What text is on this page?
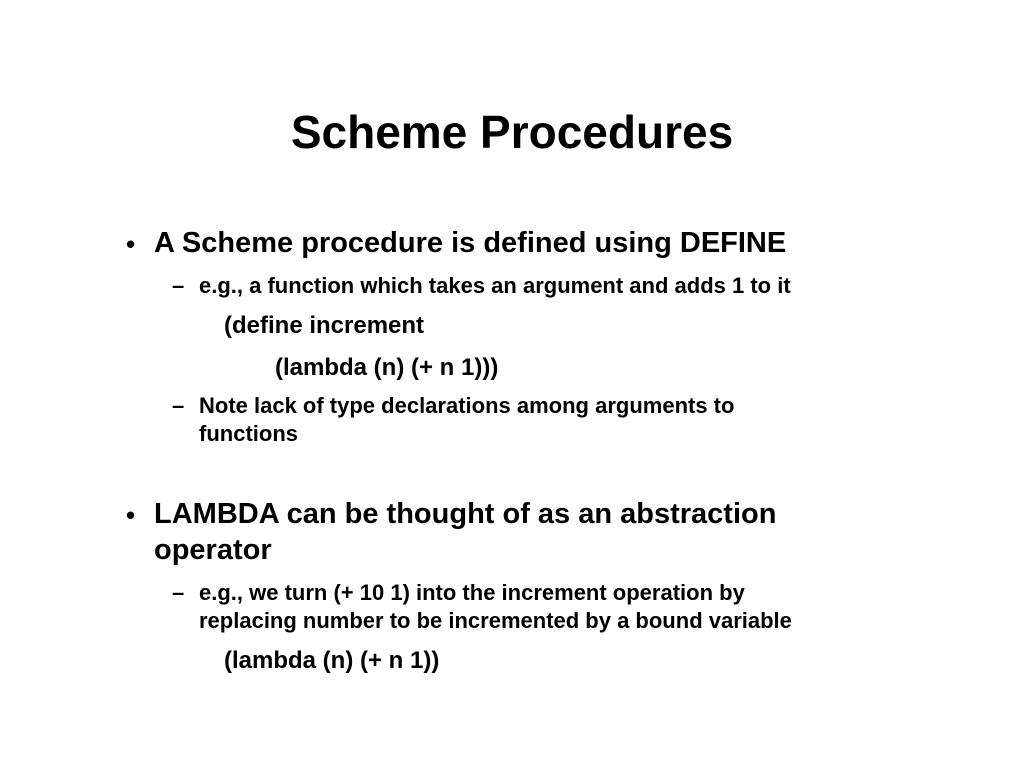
Scheme Procedures
• A Scheme procedure is defined using DEFINE

– e.g., a function which takes an argument and adds 1 to it

(define increment

(lambda (n) (+ n 1)))

– Note lack of type declarations among arguments to

functions

• LAMBDA can be thought of as an abstraction

operator

– e.g., we turn (+ 10 1) into the increment operation by

replacing number to be incremented by a bound variable

(lambda (n) (+ n 1))
